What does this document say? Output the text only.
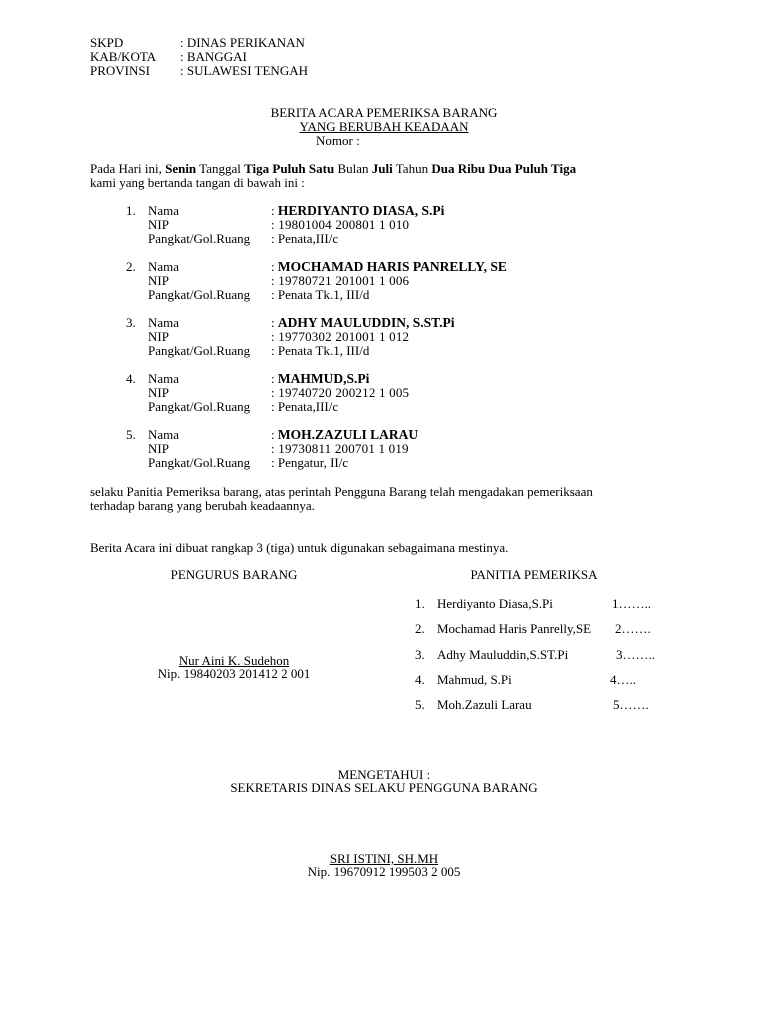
SKPD	: DINAS PERIKANAN
KAB/KOTA : BANGGAI
PROVINSI : SULAWESI TENGAH
BERITA ACARA PEMERIKSA BARANG
YANG BERUBAH KEADAAN
Nomor :
Pada Hari ini, Senin Tanggal Tiga Puluh Satu Bulan Juli Tahun Dua Ribu Dua Puluh Tiga
kami yang bertanda tangan di bawah ini :
1. Nama	: HERDIYANTO DIASA, S.Pi
NIP	: 19801004 200801 1 010
Pangkat/Gol.Ruang : Penata,III/c
2. Nama	: MOCHAMAD HARIS PANRELLY, SE
NIP	: 19780721 201001 1 006
Pangkat/Gol.Ruang : Penata Tk.1, III/d
3. Nama	: ADHY MAULUDDIN, S.ST.Pi
NIP	: 19770302 201001 1 012
Pangkat/Gol.Ruang : Penata Tk.1, III/d
4. Nama	: MAHMUD,S.Pi
NIP	: 19740720 200212 1 005
Pangkat/Gol.Ruang : Penata,III/c
5. Nama	: MOH.ZAZULI LARAU
NIP	: 19730811 200701 1 019
Pangkat/Gol.Ruang : Pengatur, II/c
selaku Panitia Pemeriksa barang, atas perintah Pengguna Barang telah mengadakan pemeriksaan
terhadap barang yang berubah keadaannya.
Berita Acara ini dibuat rangkap 3 (tiga) untuk digunakan sebagaimana mestinya.
PENGURUS BARANG
Nur Aini K. Sudehon
Nip. 19840203 201412 2 001
PANITIA PEMERIKSA
1. Herdiyanto Diasa,S.Pi	1……..
2. Mochamad Haris Panrelly,SE 2…….
3. Adhy Mauluddin,S.ST.Pi	3……..
4. Mahmud, S.Pi	4…..
5. Moh.Zazuli Larau	5…….
MENGETAHUI :
SEKRETARIS DINAS SELAKU PENGGUNA BARANG
SRI ISTINI, SH.MH
Nip. 19670912 199503 2 005
